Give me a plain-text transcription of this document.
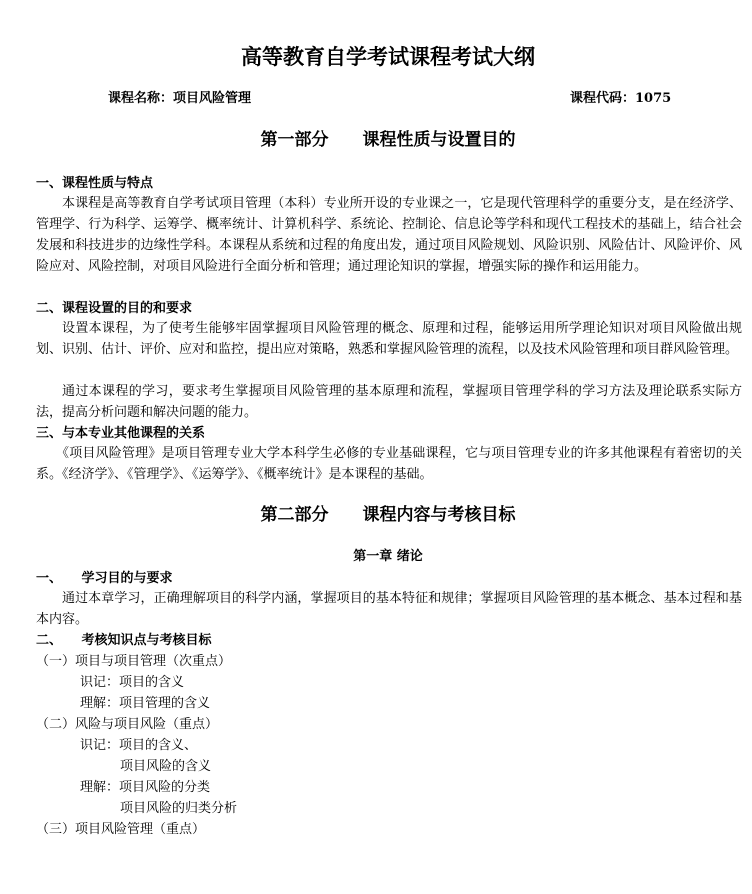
高等教育自学考试课程考试大纲
课程名称：项目风险管理	课程代码：1075
第一部分　　课程性质与设置目的
一、课程性质与特点

本课程是高等教育自学考试项目管理（本科）专业所开设的专业课之一，它是现代管理科学的重要分支，是在经济学、管理学、行为科学、运筹学、概率统计、计算机科学、系统论、控制论、信息论等学科和现代工程技术的基础上，结合社会发展和科技进步的边缘性学科。本课程从系统和过程的角度出发，通过项目风险规划、风险识别、风险估计、风险评价、风险应对、风险控制，对项目风险进行全面分析和管理；通过理论知识的掌握，增强实际的操作和运用能力。

二、课程设置的目的和要求

设置本课程，为了使考生能够牢固掌握项目风险管理的概念、原理和过程，能够运用所学理论知识对项目风险做出规划、识别、估计、评价、应对和监控，提出应对策略，熟悉和掌握风险管理的流程，以及技术风险管理和项目群风险管理。

通过本课程的学习，要求考生掌握项目风险管理的基本原理和流程，掌握项目管理学科的学习方法及理论联系实际方法，提高分析问题和解决问题的能力。

三、与本专业其他课程的关系

《项目风险管理》是项目管理专业大学本科学生必修的专业基础课程，它与项目管理专业的许多其他课程有着密切的关系。《经济学》、《管理学》、《运筹学》、《概率统计》是本课程的基础。

第二部分　　课程内容与考核目标
第一章 绪论
一、　　学习目的与要求

通过本章学习，正确理解项目的科学内涵，掌握项目的基本特征和规律；掌握项目风险管理的基本概念、基本过程和基本内容。

二、　　考核知识点与考核目标
（一）项目与项目管理（次重点）
识记：项目的含义
理解：项目管理的含义
（二）风险与项目风险（重点）
识记：项目的含义、
项目风险的含义
理解：项目风险的分类
项目风险的归类分析
（三）项目风险管理（重点）
